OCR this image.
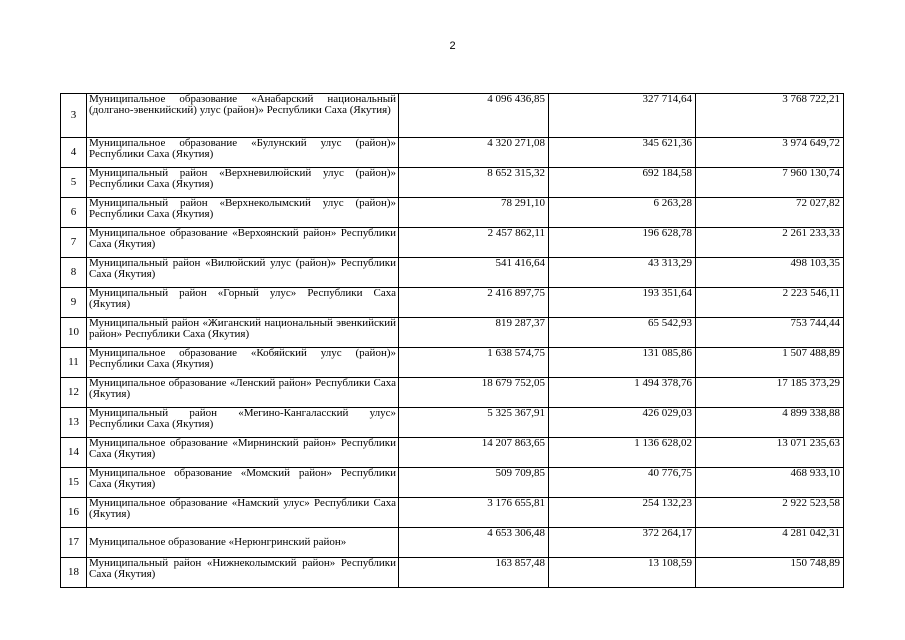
2
3	Муниципальное образование «Анабарский национальный (долгано-эвенкийский) улус (район)» Республики Саха (Якутия)	4 096 436,85	327 714,64	3 768 722,21
4	Муниципальное образование «Булунский улус (район)» Республики Саха (Якутия)	4 320 271,08	345 621,36	3 974 649,72
5	Муниципальный район «Верхневилюйский улус (район)» Республики Саха (Якутия)	8 652 315,32	692 184,58	7 960 130,74
6	Муниципальный район «Верхнеколымский улус (район)» Республики Саха (Якутия)	78 291,10	6 263,28	72 027,82
7	Муниципальное образование «Верхоянский район» Республики Саха (Якутия)	2 457 862,11	196 628,78	2 261 233,33
8	Муниципальный район «Вилюйский улус (район)» Республики Саха (Якутия)	541 416,64	43 313,29	498 103,35
9	Муниципальный район «Горный улус» Республики Саха (Якутия)	2 416 897,75	193 351,64	2 223 546,11
10	Муниципальный район «Жиганский национальный эвенкийский район» Республики Саха (Якутия)	819 287,37	65 542,93	753 744,44
11	Муниципальное образование «Кобяйский улус (район)» Республики Саха (Якутия)	1 638 574,75	131 085,86	1 507 488,89
12	Муниципальное образование «Ленский район» Республики Саха (Якутия)	18 679 752,05	1 494 378,76	17 185 373,29
13	Муниципальный район «Мегино-Кангаласский улус» Республики Саха (Якутия)	5 325 367,91	426 029,03	4 899 338,88
14	Муниципальное образование «Мирнинский район» Республики Саха (Якутия)	14 207 863,65	1 136 628,02	13 071 235,63
15	Муниципальное образование «Момский район» Республики Саха (Якутия)	509 709,85	40 776,75	468 933,10
16	Муниципальное образование «Намский улус» Республики Саха (Якутия)	3 176 655,81	254 132,23	2 922 523,58
17	Муниципальное образование «Нерюнгринский район»	4 653 306,48	372 264,17	4 281 042,31
18	Муниципальный район «Нижнеколымский район» Республики Саха (Якутия)	163 857,48	13 108,59	150 748,89
